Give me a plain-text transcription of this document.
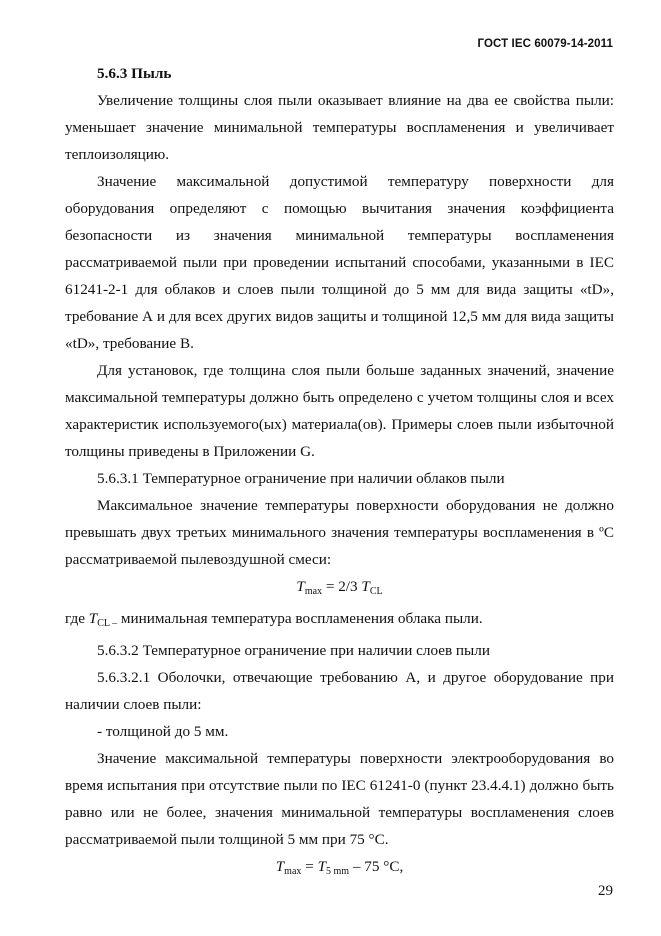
ГОСТ IEC 60079-14-2011

5.6.3 Пыль

Увеличение толщины слоя пыли оказывает влияние на два ее свойства пыли: уменьшает значение минимальной температуры воспламенения и увеличивает теплоизоляцию.

Значение максимальной допустимой температуру поверхности для оборудования определяют с помощью вычитания значения коэффициента безопасности из значения минимальной температуры воспламенения рассматриваемой пыли при проведении испытаний способами, указанными в IEC 61241-2-1 для облаков и слоев пыли толщиной до 5 мм для вида защиты «tD», требование А и для всех других видов защиты и толщиной 12,5 мм для вида защиты «tD», требование В.

Для установок, где толщина слоя пыли больше заданных значений, значение максимальной температуры должно быть определено с учетом толщины слоя и всех характеристик используемого(ых) материала(ов). Примеры слоев пыли избыточной толщины приведены в Приложении G.

5.6.3.1 Температурное ограничение при наличии облаков пыли

Максимальное значение температуры поверхности оборудования не должно превышать двух третьих минимального значения температуры воспламенения в ºС рассматриваемой пылевоздушной смеси:

$T_{max} = 2/3$ $T_{CL}$

где $T_{CL -}$ минимальная температура воспламенения облака пыли.

5.6.3.2 Температурное ограничение при наличии слоев пыли

5.6.3.2.1 Оболочки, отвечающие требованию А, и другое оборудование при наличии слоев пыли:

- толщиной до 5 мм.

Значение максимальной температуры поверхности электрооборудования во время испытания при отсутствие пыли по IEC 61241-0 (пункт 23.4.4.1) должно быть равно или не более, значения минимальной температуры воспламенения слоев рассматриваемой пыли толщиной 5 мм при 75 °С.

$T_{max} = T_{5 mm} - 75$ °С,

29
